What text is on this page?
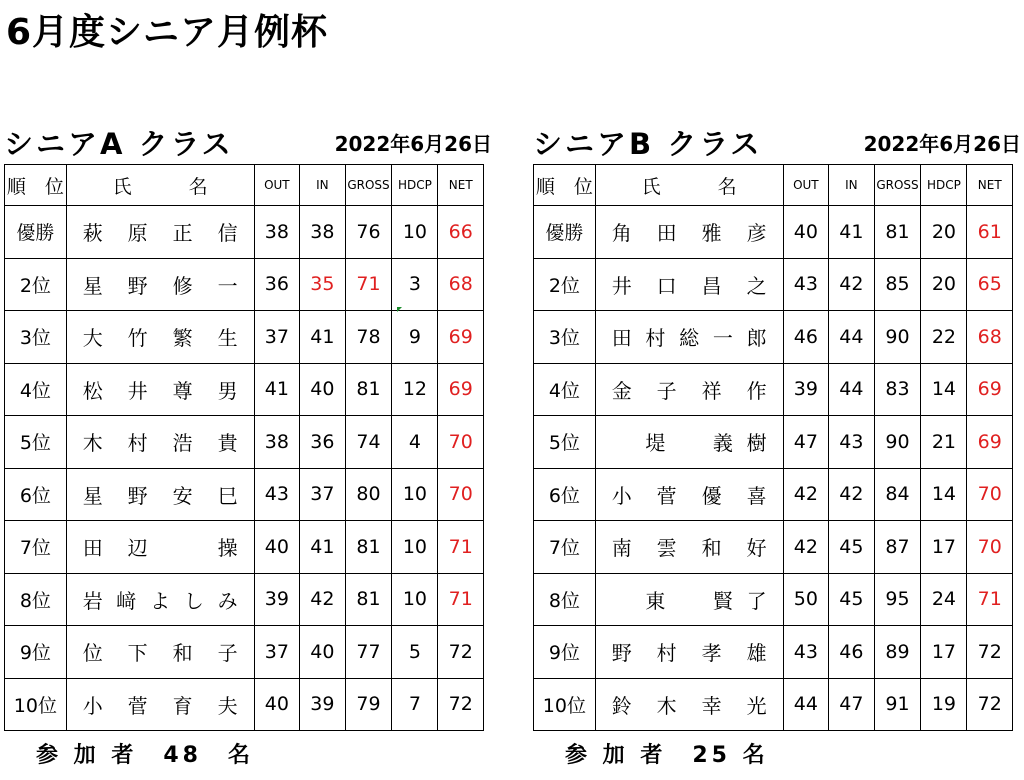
6月度シニア月例杯
シニアA クラス	2022年6月26日
順　位	氏　　　名	OUT	IN	GROSS	HDCP	NET
優勝	萩原正信	38	38	76	10	66
2位	星野修一	36	35	71	3	68
3位	大竹繁生	37	41	78	9	69
4位	松井尊男	41	40	81	12	69
5位	木村浩貴	38	36	74	4	70
6位	星野安巳	43	37	80	10	70
7位	田辺　操	40	41	81	10	71
8位	岩﨑よしみ	39	42	81	10	71
9位	位下和子	37	40	77	5	72
10位	小菅育夫	40	39	79	7	72
シニアB クラス	2022年6月26日
順　位	氏　　　名	OUT	IN	GROSS	HDCP	NET
優勝	角田雅彦	40	41	81	20	61
2位	井口昌之	43	42	85	20	65
3位	田村総一郎	46	44	90	22	68
4位	金子祥作	39	44	83	14	69
5位	　堤　義樹	47	43	90	21	69
6位	小菅優喜	42	42	84	14	70
7位	南雲和好	42	45	87	17	70
8位	　東　賢了	50	45	95	24	71
9位	野村孝雄	43	46	89	17	72
10位	鈴木幸光	44	47	91	19	72
参 加 者　48　名	参 加 者　25 名
